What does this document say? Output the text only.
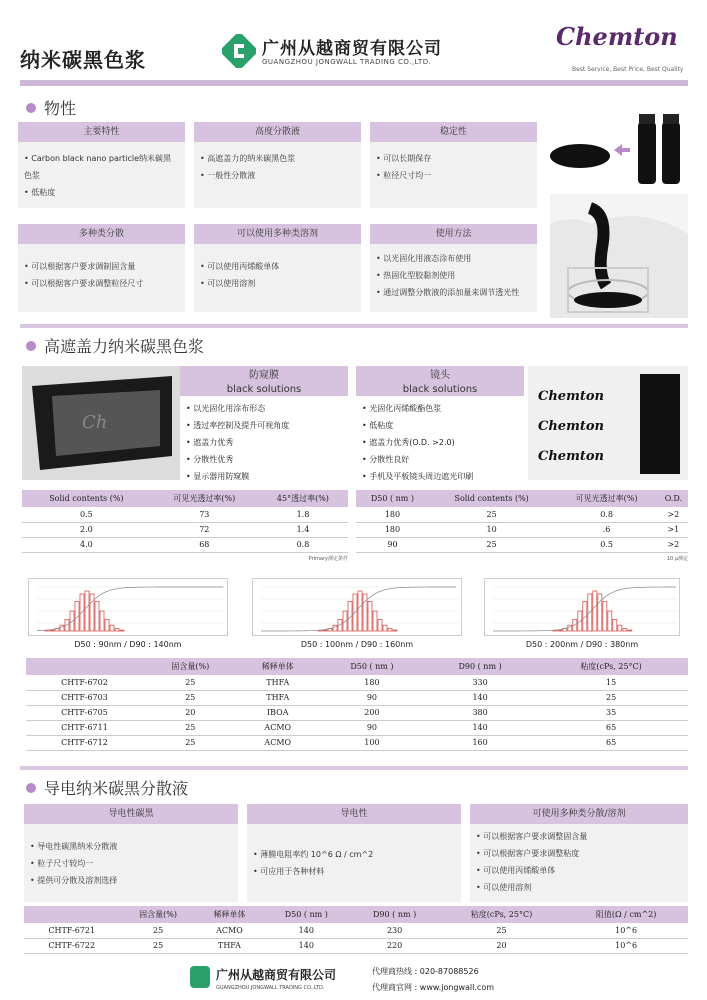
纳米碳黑色浆	广州从越商贸有限公司
GUANGZHOU JONGWALL TRADING CO.,LTD.
Chemton
Best Service, Best Price, Best Quality
物性
主要特性
• Carbon black nano particle纳米碳黑色浆
• 低粘度
高度分散液
• 高遮盖力的纳米碳黑色浆
• 一般性分散液
稳定性
• 可以长期保存
• 粒径尺寸均一
多种类分散
• 可以根据客户要求调制固含量
• 可以根据客户要求调整粒径尺寸
可以使用多种类溶剂
• 可以使用丙烯酸单体
• 可以使用溶剂
使用方法
• 以光固化用液态涂布使用
• 热固化型胶黏剂使用
• 通过调整分散液的添加量来调节透光性
高遮盖力纳米碳黑色浆
Ch
防窥膜
black solutions
• 以光固化用涂布形态
• 透过率控制及提升可视角度
• 遮盖力优秀
• 分散性优秀
• 显示器用防窥膜
镜头
black solutions
• 光固化丙烯酸酯色浆
• 低粘度
• 遮盖力优秀(O.D. >2.0)
• 分散性良好
• 手机及平板镜头周边遮光印刷
Chemton
Chemton
Chemton
Solid contents (%)	可见光透过率(%)	45°透过率(%)
0.5	73	1.8
2.0	72	1.4
4.0	68	0.8
Primary测定条件
D50 ( nm )	Solid contents (%)	可见光透过率(%)	O.D.
180	25	0.8	>2
180	10	.6	>1
90	25	0.5	>2
10 μ测定
D50 : 90nm / D90 : 140nm	D50 : 100nm / D90 : 160nm	D50 : 200nm / D90 : 380nm
	固含量(%)	稀释单体	D50 ( nm )	D90 ( nm )	粘度(cPs, 25°C)
CHTF-6702	25	THFA	180	330	15
CHTF-6703	25	THFA	90	140	25
CHTF-6705	20	IBOA	200	380	35
CHTF-6711	25	ACMO	90	140	65
CHTF-6712	25	ACMO	100	160	65
导电纳米碳黑分散液
导电性碳黑
• 导电性碳黑纳米分散液
• 粒子尺寸较均一
• 提供可分散及溶剂选择
导电性
• 薄膜电阻率约 10^6 Ω / cm^2
• 可应用于各种材料
可使用多种类分散/溶剂
• 可以根据客户要求调整固含量
• 可以根据客户要求调整粘度
• 可以使用丙烯酸单体
• 可以使用溶剂
	固含量(%)	稀释单体	D50 ( nm )	D90 ( nm )	粘度(cPs, 25°C)	阻值(Ω / cm^2)
CHTF-6721	25	ACMO	140	230	25	10^6
CHTF-6722	25	THFA	140	220	20	10^6
广州从越商贸有限公司
GUANGZHOU JONGWALL TRADING CO.,LTD.
代理商热线 : 020-87088526
代理商官网 : www.jongwall.com
